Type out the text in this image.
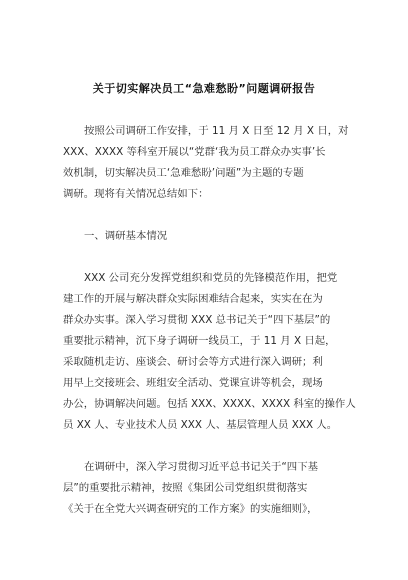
关于切实解决员工“急难愁盼”问题调研报告
按照公司调研工作安排，于 11 月 X 日至 12 月 X 日，对
XXX、XXXX 等科室开展以“党群‘我为员工群众办实事’长
效机制，切实解决员工‘急难愁盼’问题”为主题的专题
调研。现将有关情况总结如下：
一、调研基本情况
XXX 公司充分发挥党组织和党员的先锋模范作用，把党
建工作的开展与解决群众实际困难结合起来，实实在在为
群众办实事。深入学习贯彻 XXX 总书记关于“四下基层”的
重要批示精神，沉下身子调研一线员工，于 11 月 X 日起，
采取随机走访、座谈会、研讨会等方式进行深入调研；利
用早上交接班会、班组安全活动、党课宣讲等机会，现场
办公，协调解决问题。包括 XXX、XXXX、XXXX 科室的操作人
员 XX 人、专业技术人员 XXX 人、基层管理人员 XXX 人。
在调研中，深入学习贯彻习近平总书记关于“四下基
层”的重要批示精神，按照《集团公司党组织贯彻落实
《关于在全党大兴调查研究的工作方案》的实施细则》，
